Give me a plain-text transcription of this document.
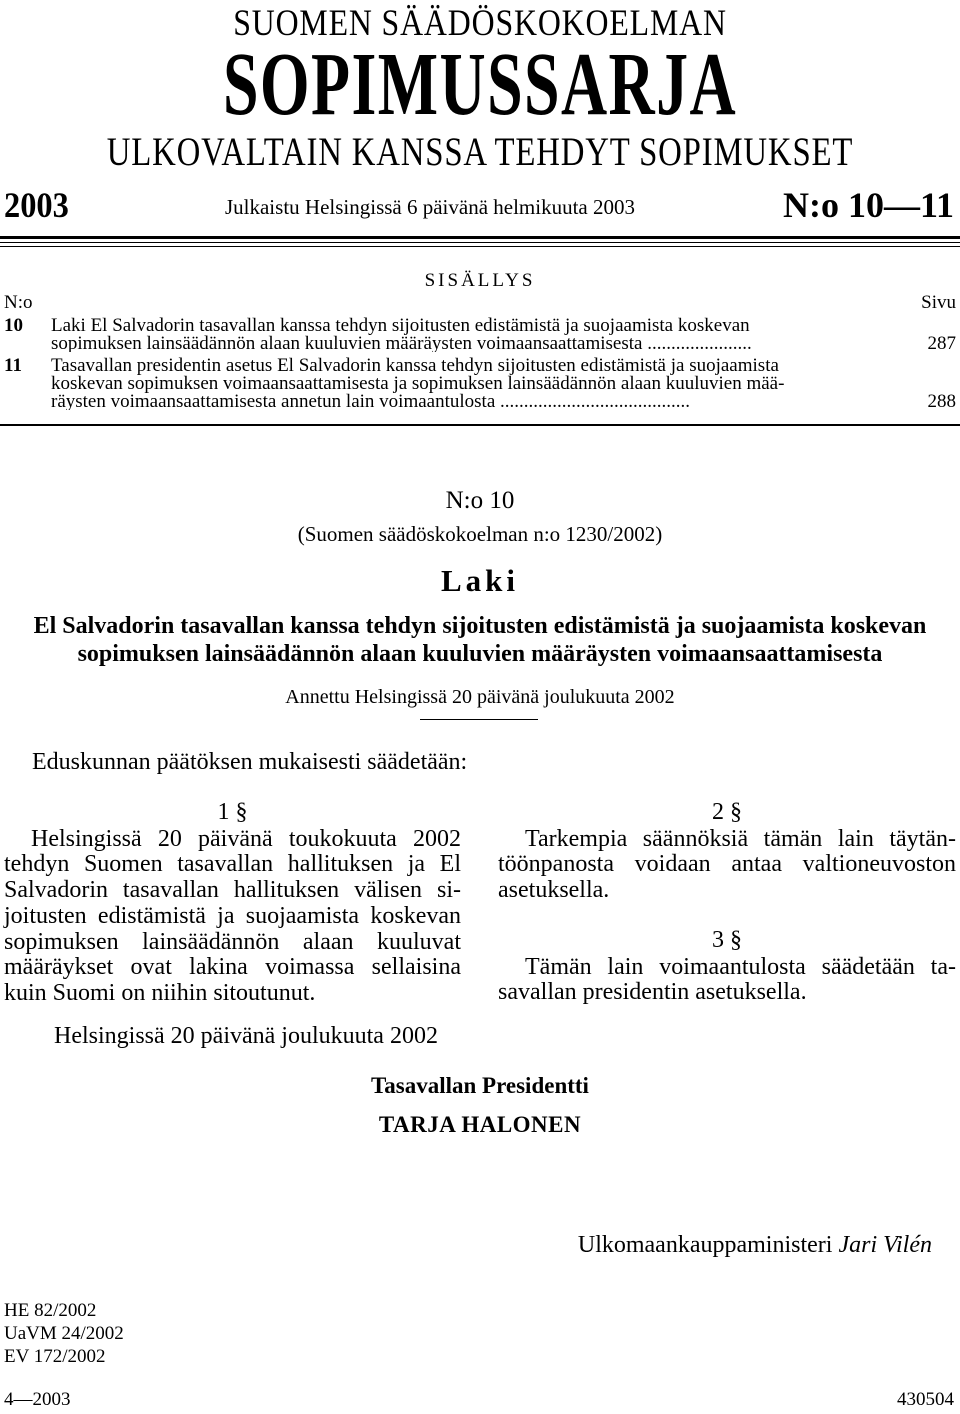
SUOMEN SÄÄDÖSKOKOELMAN
SOPIMUSSARJA
ULKOVALTAIN KANSSA TEHDYT SOPIMUKSET
2003	Julkaistu Helsingissä 6 päivänä helmikuuta 2003	N:o 10—11
SISÄLLYS
N:o	Sivu
10	Laki El Salvadorin tasavallan kanssa tehdyn sijoitusten edistämistä ja suojaamista koskevan
sopimuksen lainsäädännön alaan kuuluvien määräysten voimaansaattamisesta ......................	287
11	Tasavallan presidentin asetus El Salvadorin kanssa tehdyn sijoitusten edistämistä ja suojaamista
koskevan sopimuksen voimaansaattamisesta ja sopimuksen lainsäädännön alaan kuuluvien mää-
räysten voimaansaattamisesta annetun lain voimaantulosta ........................................	288
N:o 10
(Suomen säädöskokoelman n:o 1230/2002)
Laki
El Salvadorin tasavallan kanssa tehdyn sijoitusten edistämistä ja suojaamista koskevan
sopimuksen lainsäädännön alaan kuuluvien määräysten voimaansaattamisesta
Annettu Helsingissä 20 päivänä joulukuuta 2002
Eduskunnan päätöksen mukaisesti säädetään:
1 §
Helsingissä 20 päivänä toukokuuta 2002
tehdyn Suomen tasavallan hallituksen ja El
Salvadorin tasavallan hallituksen välisen si-
joitusten edistämistä ja suojaamista koskevan
sopimuksen lainsäädännön alaan kuuluvat
määräykset ovat lakina voimassa sellaisina
kuin Suomi on niihin sitoutunut.
2 §
Tarkempia säännöksiä tämän lain täytän-
töönpanosta voidaan antaa valtioneuvoston
asetuksella.
3 §
Tämän lain voimaantulosta säädetään ta-
savallan presidentin asetuksella.
Helsingissä 20 päivänä joulukuuta 2002
Tasavallan Presidentti
TARJA HALONEN
Ulkomaankauppaministeri Jari Vilén
HE 82/2002
UaVM 24/2002
EV 172/2002
4—2003	430504
